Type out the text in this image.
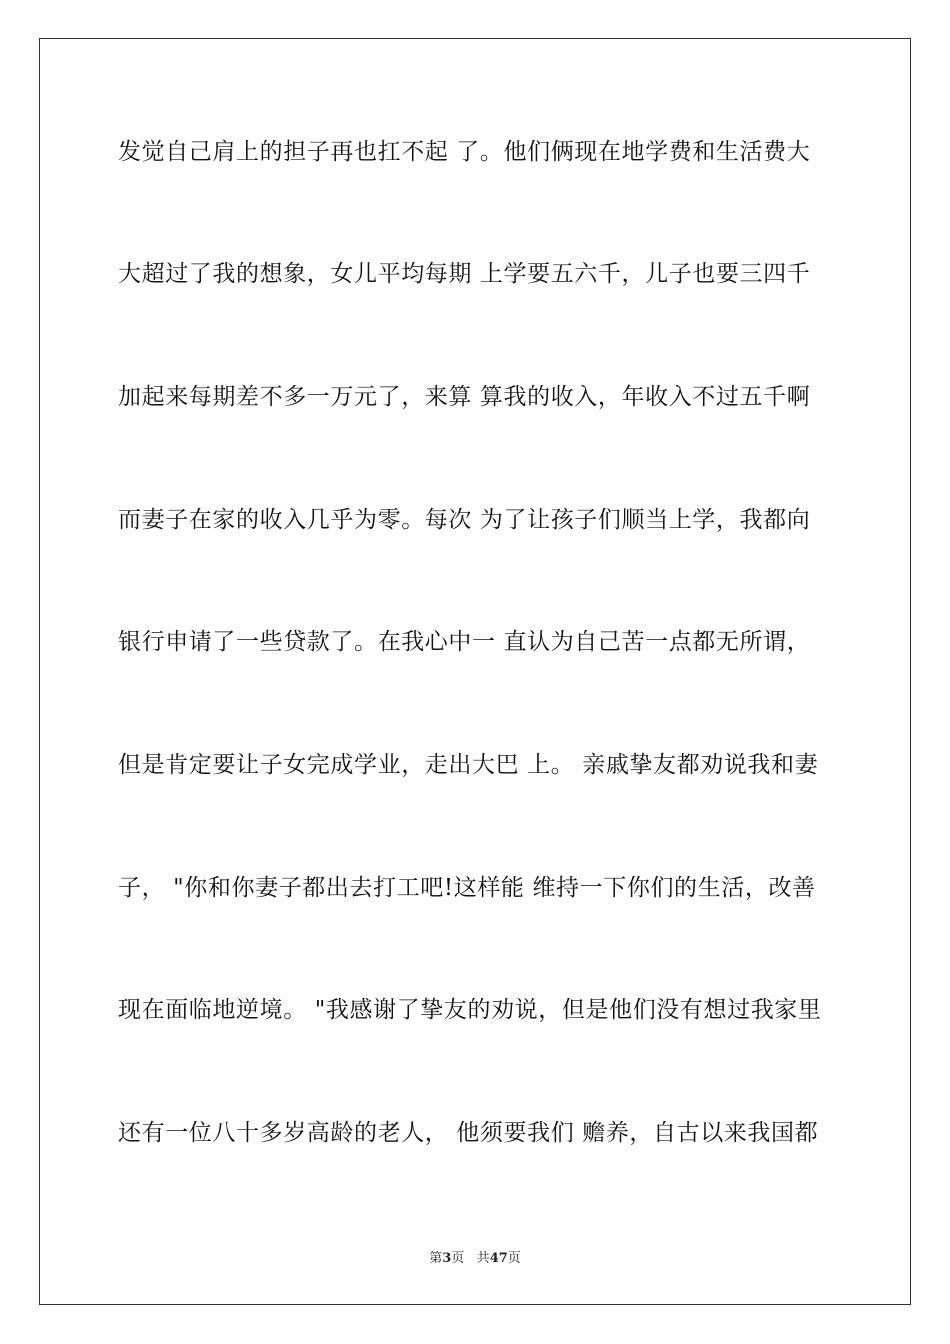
发觉自己肩上的担子再也扛不起 了。他们俩现在地学费和生活费大
大超过了我的想象，女儿平均每期 上学要五六千，儿子也要三四千
加起来每期差不多一万元了，来算 算我的收入，年收入不过五千啊
而妻子在家的收入几乎为零。每次 为了让孩子们顺当上学，我都向
银行申请了一些贷款了。在我心中一 直认为自己苦一点都无所谓，
但是肯定要让子女完成学业，走出大巴 上。 亲戚挚友都劝说我和妻
子， "你和你妻子都出去打工吧!这样能 维持一下你们的生活，改善
现在面临地逆境。 "我感谢了挚友的劝说，但是他们没有想过我家里
还有一位八十多岁高龄的老人， 他须要我们 赡养，自古以来我国都
第3页 共47页
